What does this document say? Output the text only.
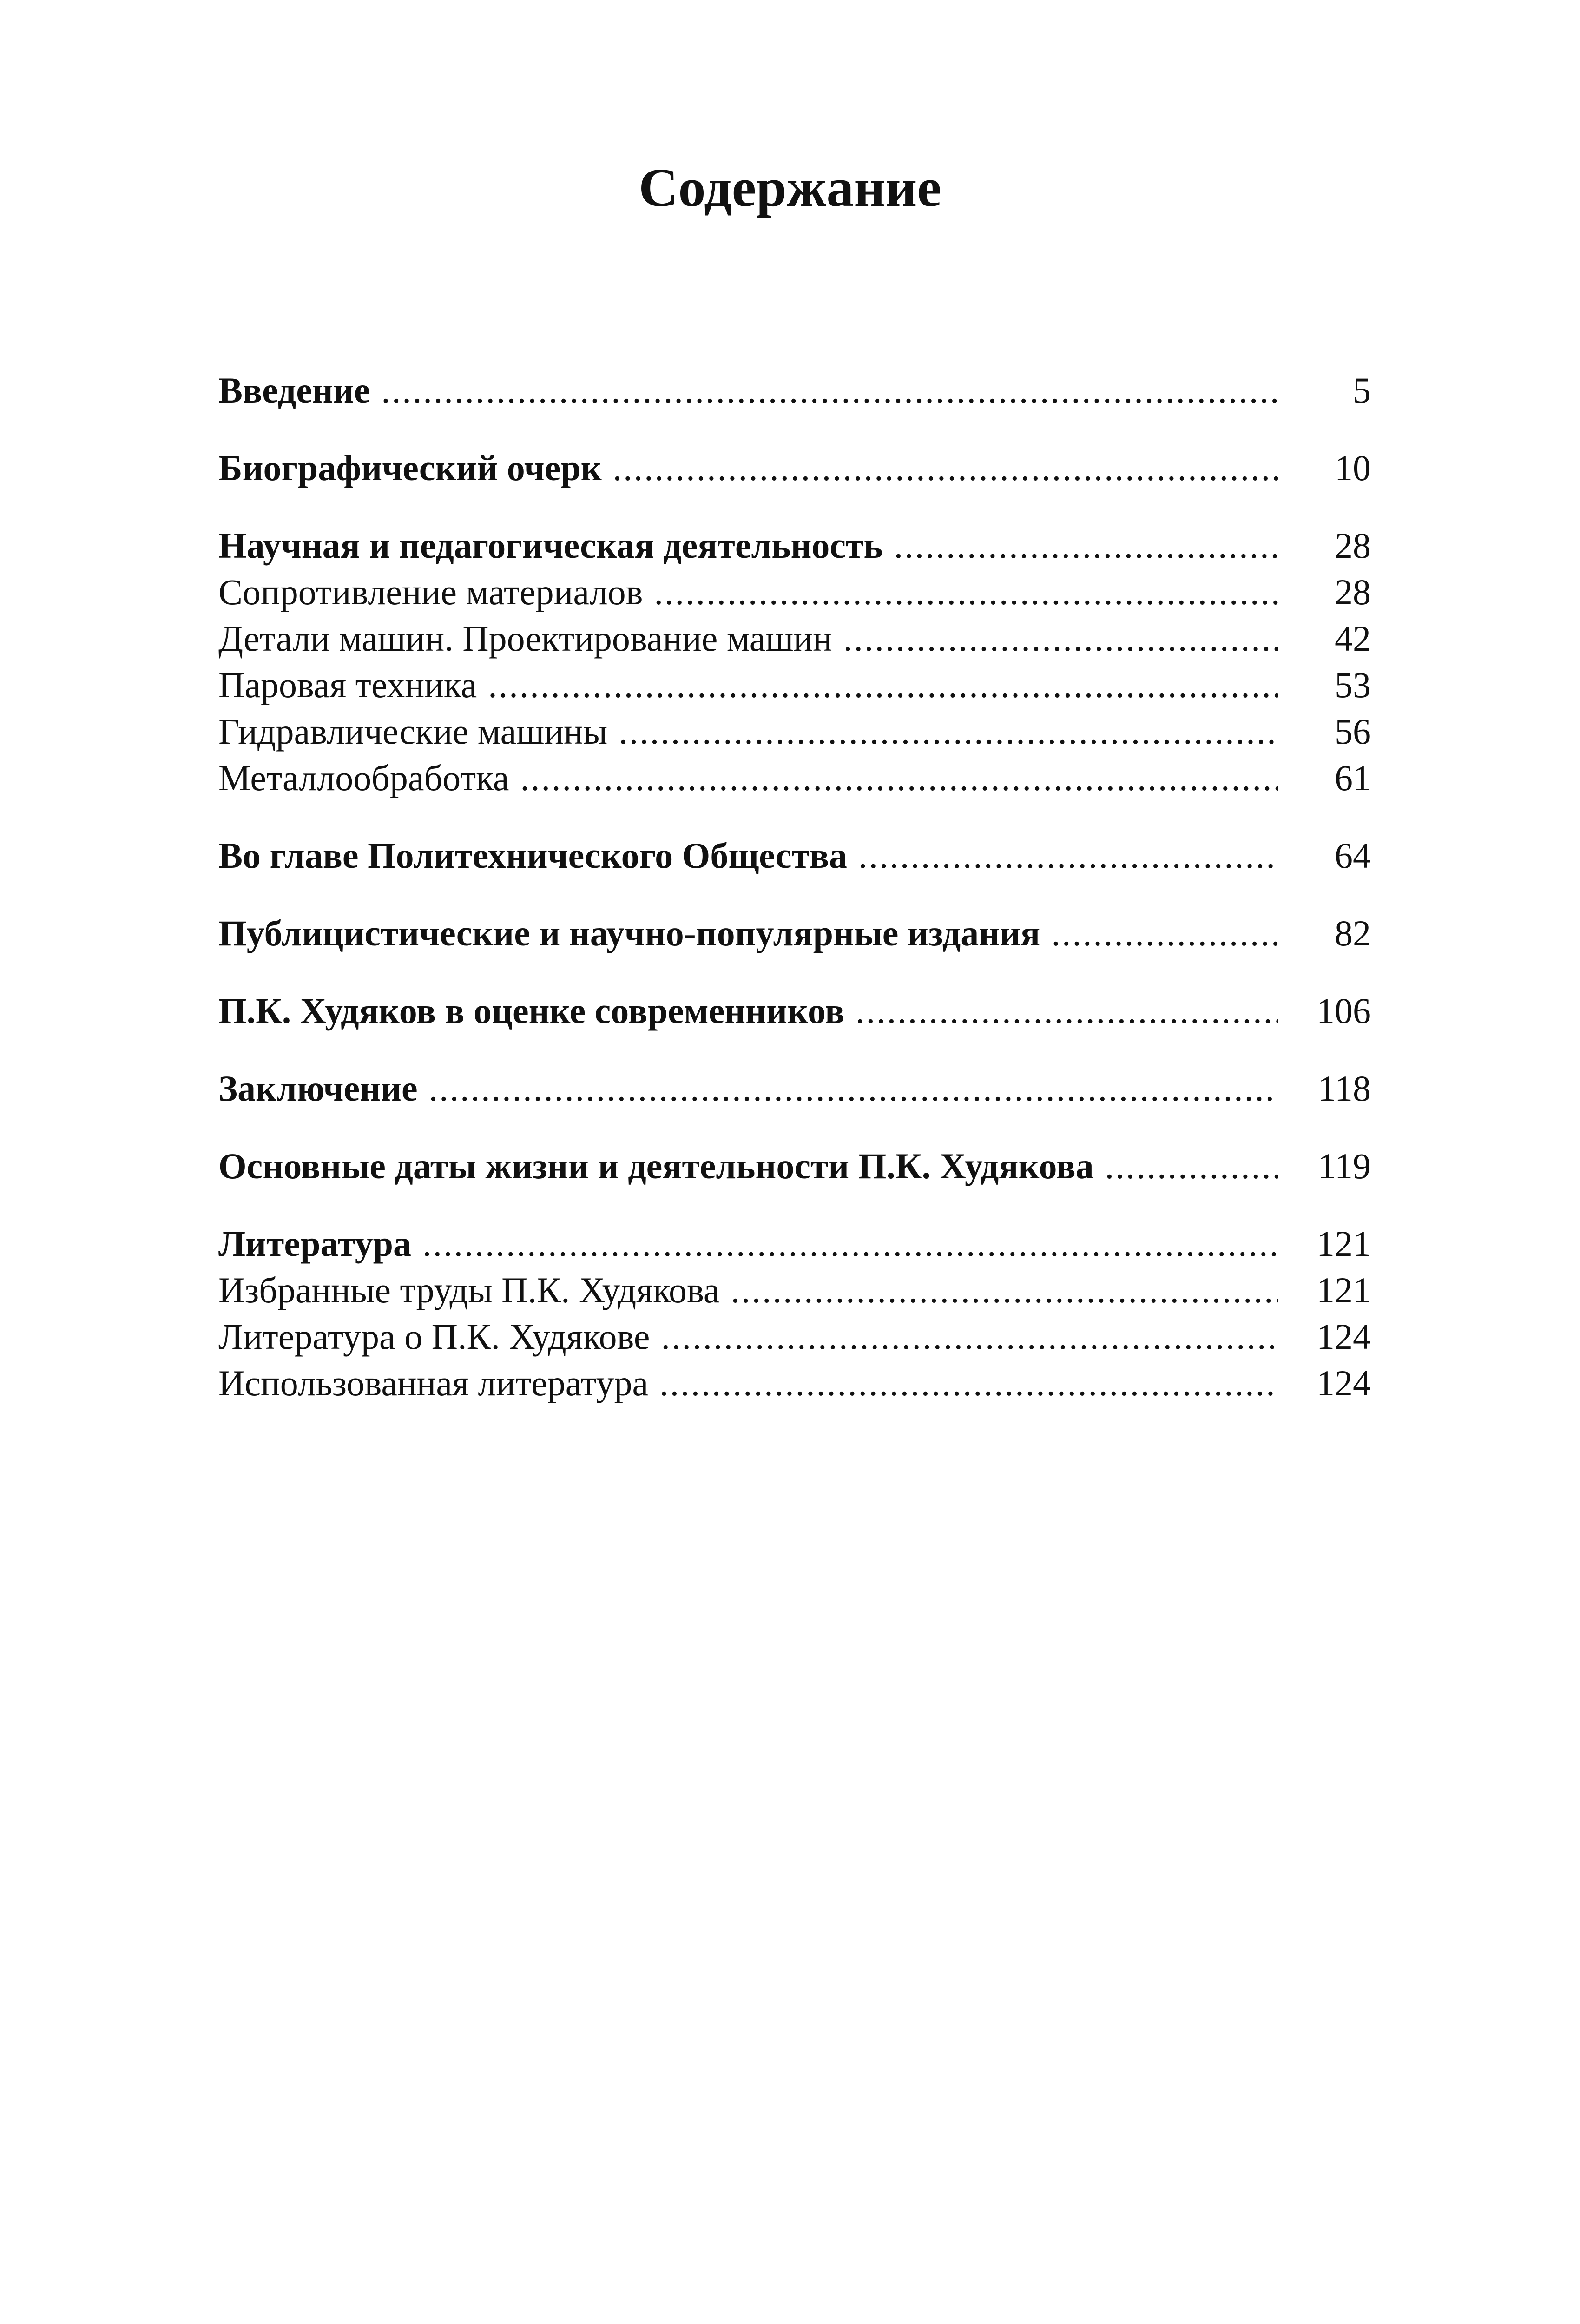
Содержание
Введение .....	5
Биографический очерк .....	10
Научная и педагогическая деятельность .....	28
Сопротивление материалов .....	28
Детали машин. Проектирование машин .....	42
Паровая техника .....	53
Гидравлические машины .....	56
Металлообработка .....	61
Во главе Политехнического Общества .....	64
Публицистические и научно-популярные издания .....	82
П.К. Худяков в оценке современников .....	106
Заключение .....	118
Основные даты жизни и деятельности П.К. Худякова .....	119
Литература .....	121
Избранные труды П.К. Худякова .....	121
Литература о П.К. Худякове .....	124
Использованная литература .....	124
